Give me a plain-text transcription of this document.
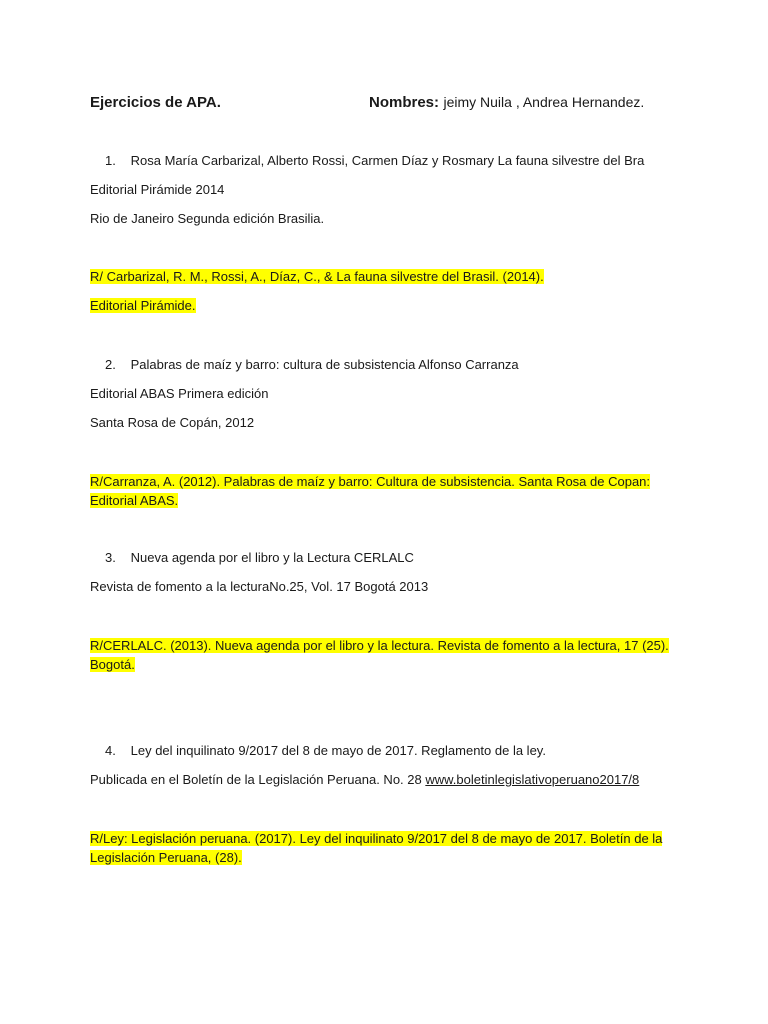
Ejercicios de APA.	Nombres: jeimy Nuila , Andrea Hernandez.
1. Rosa María Carbarizal, Alberto Rossi, Carmen Díaz y Rosmary La fauna silvestre del Bra
Editorial Pirámide 2014
Rio de Janeiro Segunda edición Brasilia.
R/ Carbarizal, R. M., Rossi, A., Díaz, C., & La fauna silvestre del Brasil. (2014).
Editorial Pirámide.
2. Palabras de maíz y barro: cultura de subsistencia Alfonso Carranza
Editorial ABAS Primera edición
Santa Rosa de Copán, 2012
R/Carranza, A. (2012). Palabras de maíz y barro: Cultura de subsistencia. Santa Rosa de Copan: Editorial ABAS.
3. Nueva agenda por el libro y la Lectura CERLALC
Revista de fomento a la lecturaNo.25, Vol. 17 Bogotá 2013
R/CERLALC. (2013). Nueva agenda por el libro y la lectura. Revista de fomento a la lectura, 17 (25). Bogotá.
4. Ley del inquilinato 9/2017 del 8 de mayo de 2017. Reglamento de la ley.
Publicada en el Boletín de la Legislación Peruana. No. 28 www.boletinlegislativoperuano2017/8
R/Ley: Legislación peruana. (2017). Ley del inquilinato 9/2017 del 8 de mayo de 2017. Boletín de la Legislación Peruana, (28).
